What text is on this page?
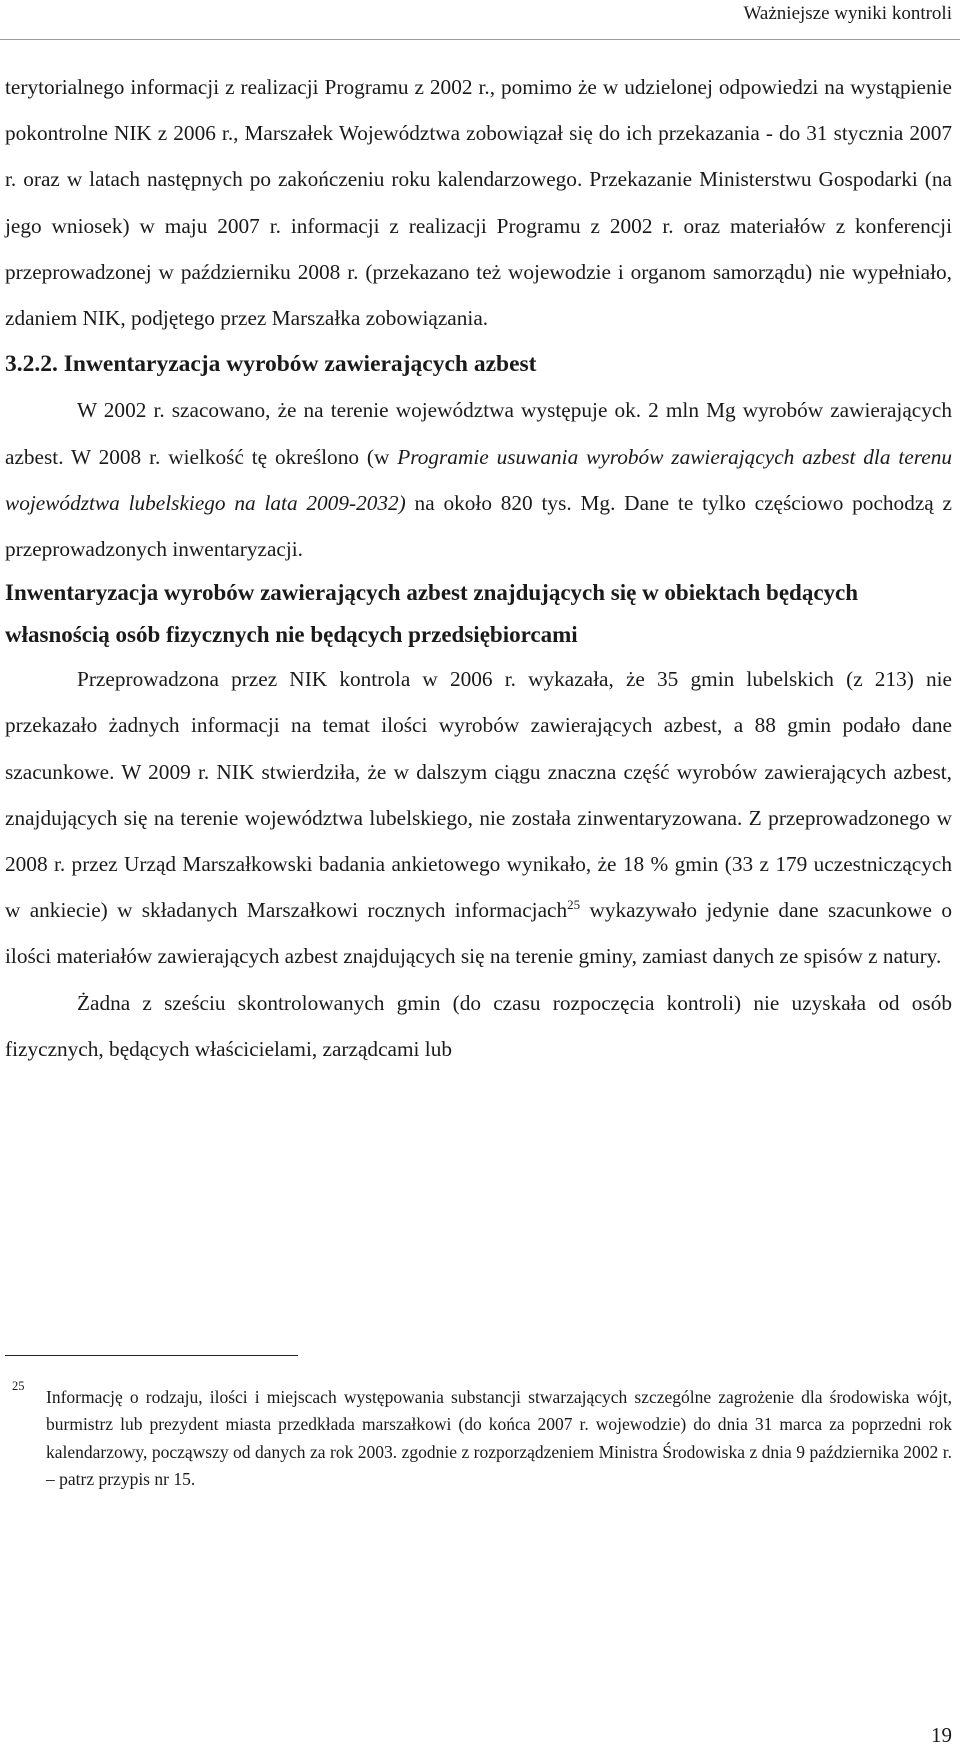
Ważniejsze wyniki kontroli

terytorialnego informacji z realizacji Programu z 2002 r., pomimo że w udzielonej odpowiedzi na wystąpienie pokontrolne NIK z 2006 r., Marszałek Województwa zobowiązał się do ich przekazania - do 31 stycznia 2007 r. oraz w latach następnych po zakończeniu roku kalendarzowego. Przekazanie Ministerstwu Gospodarki (na jego wniosek) w maju 2007 r. informacji z realizacji Programu z 2002 r. oraz materiałów z konferencji przeprowadzonej w październiku 2008 r. (przekazano też wojewodzie i organom samorządu) nie wypełniało, zdaniem NIK, podjętego przez Marszałka zobowiązania.

3.2.2. Inwentaryzacja wyrobów zawierających azbest

W 2002 r. szacowano, że na terenie województwa występuje ok. 2 mln Mg wyrobów zawierających azbest. W 2008 r. wielkość tę określono (w Programie usuwania wyrobów zawierających azbest dla terenu województwa lubelskiego na lata 2009-2032) na około 820 tys. Mg. Dane te tylko częściowo pochodzą z przeprowadzonych inwentaryzacji.

Inwentaryzacja wyrobów zawierających azbest znajdujących się w obiektach będących własnością osób fizycznych nie będących przedsiębiorcami

Przeprowadzona przez NIK kontrola w 2006 r. wykazała, że 35 gmin lubelskich (z 213) nie przekazało żadnych informacji na temat ilości wyrobów zawierających azbest, a 88 gmin podało dane szacunkowe. W 2009 r. NIK stwierdziła, że w dalszym ciągu znaczna część wyrobów zawierających azbest, znajdujących się na terenie województwa lubelskiego, nie została zinwentaryzowana. Z przeprowadzonego w 2008 r. przez Urząd Marszałkowski badania ankietowego wynikało, że 18 % gmin (33 z 179 uczestniczących w ankiecie) w składanych Marszałkowi rocznych informacjach$^{25}$ wykazywało jedynie dane szacunkowe o ilości materiałów zawierających azbest znajdujących się na terenie gminy, zamiast danych ze spisów z natury.

Żadna z sześciu skontrolowanych gmin (do czasu rozpoczęcia kontroli) nie uzyskała od osób fizycznych, będących właścicielami, zarządcami lub

$^{25}$
Informację o rodzaju, ilości i miejscach występowania substancji stwarzających szczególne zagrożenie dla środowiska wójt, burmistrz lub prezydent miasta przedkłada marszałkowi (do końca 2007 r. wojewodzie) do dnia 31 marca za poprzedni rok kalendarzowy, począwszy od danych za rok 2003. zgodnie z rozporządzeniem Ministra Środowiska z dnia 9 października 2002 r. – patrz przypis nr 15.
19
